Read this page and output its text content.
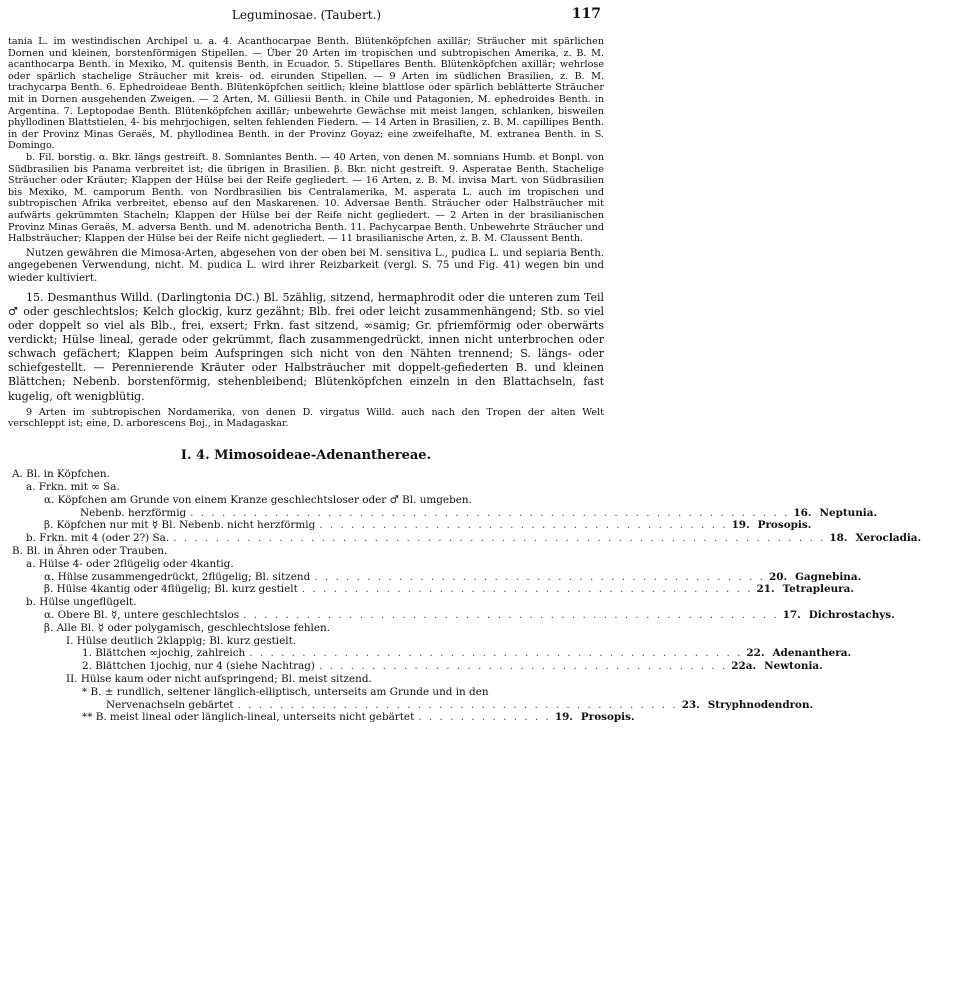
Leguminosae. (Taubert.)	117

tania L. im westindischen Archipel u. a. 4. Acanthocarpae Benth. Blütenköpfchen axillär; Sträucher mit spärlichen Dornen und kleinen, borstenförmigen Stipellen. — Über 20 Arten im tropischen und subtropischen Amerika, z. B. M. acanthocarpa Benth. in Mexiko, M. quitensis Benth. in Ecuador. 5. Stipellares Benth. Blütenköpfchen axillär; wehrlose oder spärlich stachelige Sträucher mit kreis- od. eirunden Stipellen. — 9 Arten im südlichen Brasilien, z. B. M. trachycarpa Benth. 6. Ephedroideae Benth. Blütenköpfchen seitlich; kleine blattlose oder spärlich beblätterte Sträucher mit in Dornen ausgehenden Zweigen. — 2 Arten, M. Gilliesii Benth. in Chile und Patagonien, M. ephedroides Benth. in Argentina. 7. Leptopodae Benth. Blütenköpfchen axillär; unbewehrte Gewächse mit meist langen, schlanken, bisweilen phyllodinen Blattstielen, 4- bis mehrjochigen, selten fehlenden Fiedern. — 14 Arten in Brasilien, z. B. M. capillipes Benth. in der Provinz Minas Geraës, M. phyllodinea Benth. in der Provinz Goyaz; eine zweifelhafte, M. extranea Benth. in S. Domingo.

b. Fil. borstig. α. Bkr. längs gestreift. 8. Somnlantes Benth. — 40 Arten, von denen M. somnians Humb. et Bonpl. von Südbrasilien bis Panama verbreitet ist; die übrigen in Brasilien. β. Bkr. nicht gestreift. 9. Asperatae Benth. Stachelige Sträucher oder Kräuter; Klappen der Hülse bei der Reife gegliedert. — 16 Arten, z. B. M. invisa Mart. von Südbrasilien bis Mexiko, M. camporum Benth. von Nordbrasilien bis Centralamerika, M. asperata L. auch im tropischen und subtropischen Afrika verbreitet, ebenso auf den Maskarenen. 10. Adversae Benth. Sträucher oder Halbsträucher mit aufwärts gekrümmten Stacheln; Klappen der Hülse bei der Reife nicht gegliedert. — 2 Arten in der brasilianischen Provinz Minas Geraës, M. adversa Benth. und M. adenotricha Benth. 11. Pachycarpae Benth. Unbewehrte Sträucher und Halbsträucher; Klappen der Hülse bei der Reife nicht gegliedert. — 11 brasilianische Arten, z. B. M. Claussent Benth.

Nutzen gewähren die Mimosa-Arten, abgesehen von der oben bei M. sensitiva L., pudica L. und sepiaria Benth. angegebenen Verwendung, nicht. M. pudica L. wird ihrer Reizbarkeit (vergl. S. 75 und Fig. 41) wegen bin und wieder kultiviert.

15. Desmanthus Willd. (Darlingtonia DC.) Bl. 5zählig, sitzend, hermaphrodit oder die unteren zum Teil ♂ oder geschlechtslos; Kelch glockig, kurz gezähnt; Blb. frei oder leicht zusammenhängend; Stb. so viel oder doppelt so viel als Blb., frei, exsert; Frkn. fast sitzend, ∞samig; Gr. pfriemförmig oder oberwärts verdickt; Hülse lineal, gerade oder gekrümmt, flach zusammengedrückt, innen nicht unterbrochen oder schwach gefächert; Klappen beim Aufspringen sich nicht von den Nähten trennend; S. längs- oder schiefgestellt. — Perennierende Kräuter oder Halbsträucher mit doppelt-gefiederten B. und kleinen Blättchen; Nebenb. borstenförmig, stehenbleibend; Blütenköpfchen einzeln in den Blattachseln, fast kugelig, oft wenigblütig.

9 Arten im subtropischen Nordamerika, von denen D. virgatus Willd. auch nach den Tropen der alten Welt verschleppt ist; eine, D. arborescens Boj., in Madagaskar.

I. 4. Mimosoideae-Adenanthereae.

A. Bl. in Köpfchen.
a. Frkn. mit ∞ Sa.
α. Köpfchen am Grunde von einem Kranze geschlechtsloser oder ♂ Bl. umgeben.
Nebenb. herzförmig . . . . . . . . . . . . . . . . . . . . . . . . . . . . . . . . . . . . . . . . . . . . . . . . . . . . . . . . . 16. Neptunia.
β. Köpfchen nur mit ☿ Bl. Nebenb. nicht herzförmig . . . . . . . . . . . . . . . . . . . . . . . . . . . . . . . . . . . . . . . 19. Prosopis.
b. Frkn. mit 4 (oder 2?) Sa. . . . . . . . . . . . . . . . . . . . . . . . . . . . . . . . . . . . . . . . . . . . . . . . . . . . . . . . . . . . . . . 18. Xerocladia.
B. Bl. in Ähren oder Trauben.
a. Hülse 4- oder 2flügelig oder 4kantig.
α. Hülse zusammengedrückt, 2flügelig; Bl. sitzend . . . . . . . . . . . . . . . . . . . . . . . . . . . . . . . . . . . . . . . . . . . 20. Gagnebina.
β. Hülse 4kantig oder 4flügelig; Bl. kurz gestielt . . . . . . . . . . . . . . . . . . . . . . . . . . . . . . . . . . . . . . . . . . . 21. Tetrapleura.
b. Hülse ungeflügelt.
α. Obere Bl. ☿, untere geschlechtslos . . . . . . . . . . . . . . . . . . . . . . . . . . . . . . . . . . . . . . . . . . . . . . . . . . . 17. Dichrostachys.
β. Alle Bl. ☿ oder polygamisch, geschlechtslose fehlen.
I. Hülse deutlich 2klappig; Bl. kurz gestielt.
1. Blättchen ∞jochig, zahlreich . . . . . . . . . . . . . . . . . . . . . . . . . . . . . . . . . . . . . . . . . . . . . . . 22. Adenanthera.
2. Blättchen 1jochig, nur 4 (siehe Nachtrag) . . . . . . . . . . . . . . . . . . . . . . . . . . . . . . . . . . . . . . . 22a. Newtonia.
II. Hülse kaum oder nicht aufspringend; Bl. meist sitzend.
* B. ± rundlich, seltener länglich-elliptisch, unterseits am Grunde und in den
Nervenachseln gebärtet . . . . . . . . . . . . . . . . . . . . . . . . . . . . . . . . . . . . . . . . . . 23. Stryphnodendron.
** B. meist lineal oder länglich-lineal, unterseits nicht gebärtet . . . . . . . . . . . . . 19. Prosopis.
